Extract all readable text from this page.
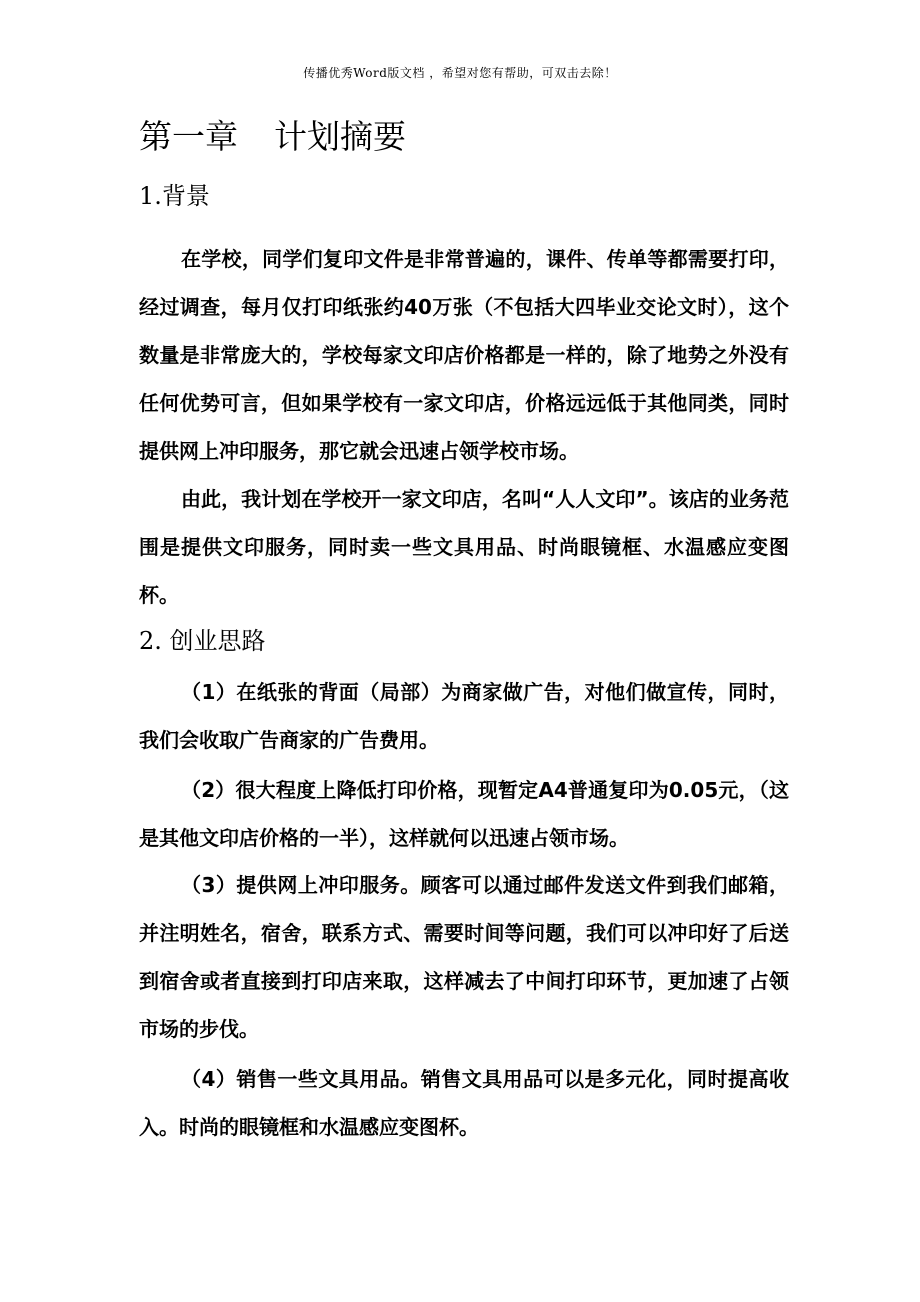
传播优秀Word版文档 ，希望对您有帮助，可双击去除！
第一章 计划摘要
1.背景

在学校，同学们复印文件是非常普遍的，课件、传单等都需要打印，经过调查，每月仅打印纸张约40万张（不包括大四毕业交论文时），这个数量是非常庞大的，学校每家文印店价格都是一样的，除了地势之外没有任何优势可言，但如果学校有一家文印店，价格远远低于其他同类，同时提供网上冲印服务，那它就会迅速占领学校市场。

由此，我计划在学校开一家文印店，名叫“人人文印”。该店的业务范围是提供文印服务，同时卖一些文具用品、时尚眼镜框、水温感应变图杯。

2. 创业思路

（1）在纸张的背面（局部）为商家做广告，对他们做宣传，同时，我们会收取广告商家的广告费用。

（2）很大程度上降低打印价格，现暂定A4普通复印为0.05元，（这是其他文印店价格的一半），这样就何以迅速占领市场。

（3）提供网上冲印服务。顾客可以通过邮件发送文件到我们邮箱，并注明姓名，宿舍，联系方式、需要时间等问题，我们可以冲印好了后送到宿舍或者直接到打印店来取，这样减去了中间打印环节，更加速了占领市场的步伐。

（4）销售一些文具用品。销售文具用品可以是多元化，同时提高收入。时尚的眼镜框和水温感应变图杯。
